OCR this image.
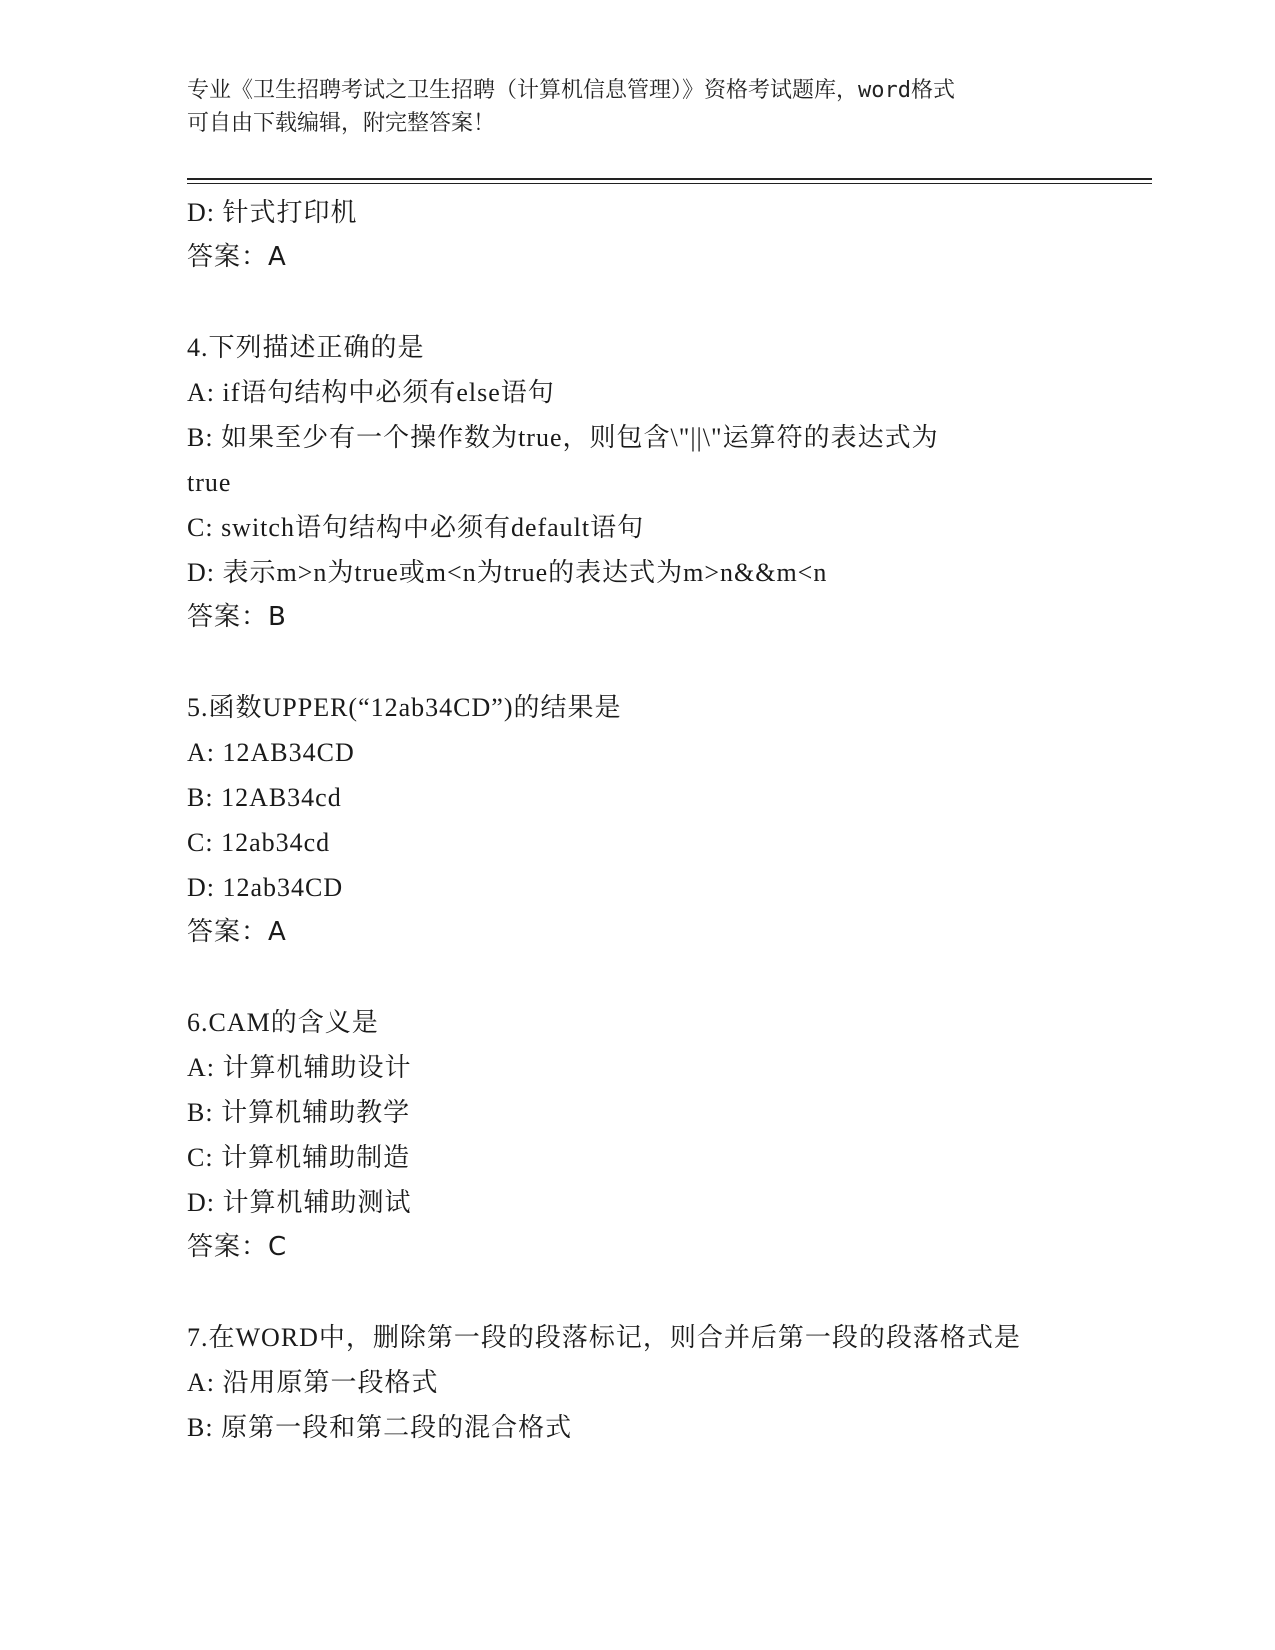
专业《卫生招聘考试之卫生招聘（计算机信息管理）》资格考试题库，word格式
可自由下载编辑，附完整答案！
D: 针式打印机
答案：A
4.下列描述正确的是
A: if语句结构中必须有else语句
B: 如果至少有一个操作数为true，则包含\"||\"运算符的表达式为
true
C: switch语句结构中必须有default语句
D: 表示m>n为true或m<n为true的表达式为m>n&&m<n
答案：B
5.函数UPPER(“12ab34CD”)的结果是
A: 12AB34CD
B: 12AB34cd
C: 12ab34cd
D: 12ab34CD
答案：A
6.CAM的含义是
A: 计算机辅助设计
B: 计算机辅助教学
C: 计算机辅助制造
D: 计算机辅助测试
答案：C
7.在WORD中，删除第一段的段落标记，则合并后第一段的段落格式是
A: 沿用原第一段格式
B: 原第一段和第二段的混合格式
